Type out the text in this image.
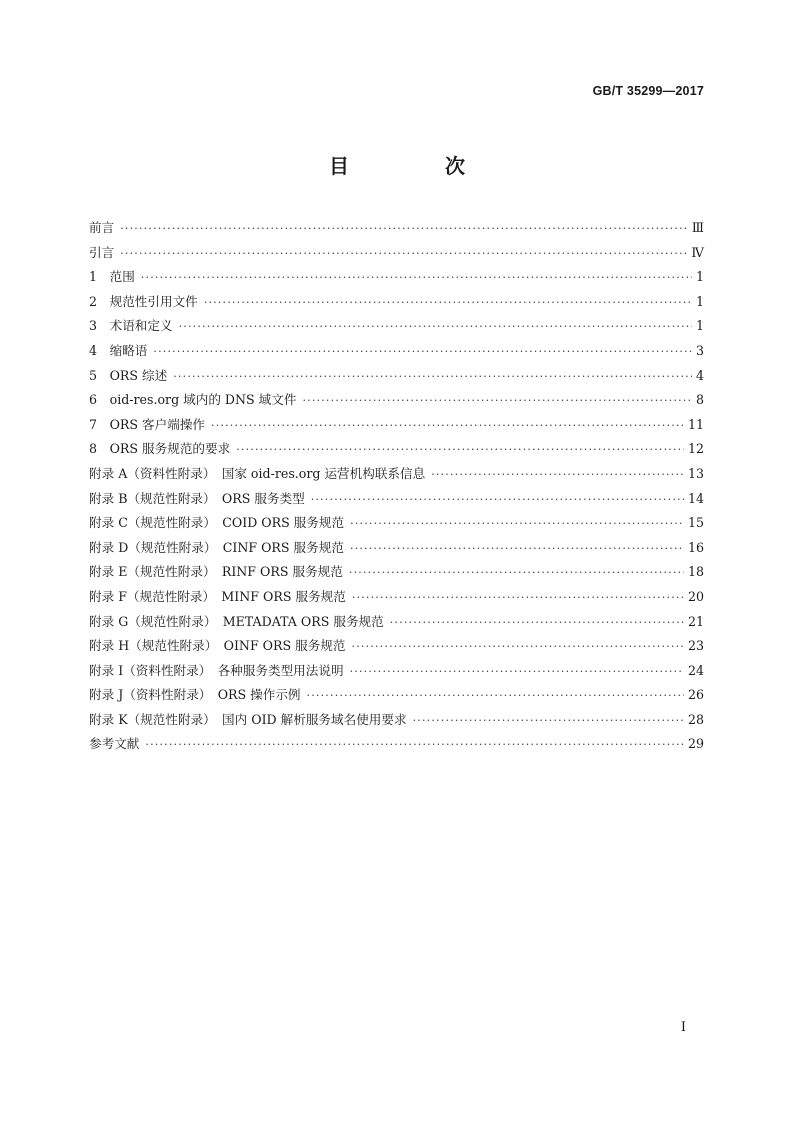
GB/T 35299—2017
目　次
前言 ·····	Ⅲ
引言 ·····	Ⅳ
1　范围 ·····	1
2　规范性引用文件 ·····	1
3　术语和定义 ·····	1
4　缩略语 ·····	3
5　ORS 综述 ·····	4
6　oid-res.org 域内的 DNS 域文件 ·····	8
7　ORS 客户端操作 ·····	11
8　ORS 服务规范的要求 ·····	12
附录 A（资料性附录）　国家 oid-res.org 运营机构联系信息 ·····	13
附录 B（规范性附录）　ORS 服务类型 ·····	14
附录 C（规范性附录）　COID ORS 服务规范 ·····	15
附录 D（规范性附录）　CINF ORS 服务规范 ·····	16
附录 E（规范性附录）　RINF ORS 服务规范 ·····	18
附录 F（规范性附录）　MINF ORS 服务规范 ·····	20
附录 G（规范性附录）　METADATA ORS 服务规范 ·····	21
附录 H（规范性附录）　OINF ORS 服务规范 ·····	23
附录 I（资料性附录）　各种服务类型用法说明 ·····	24
附录 J（资料性附录）　ORS 操作示例 ·····	26
附录 K（规范性附录）　国内 OID 解析服务域名使用要求 ·····	28
参考文献 ·····	29
I
